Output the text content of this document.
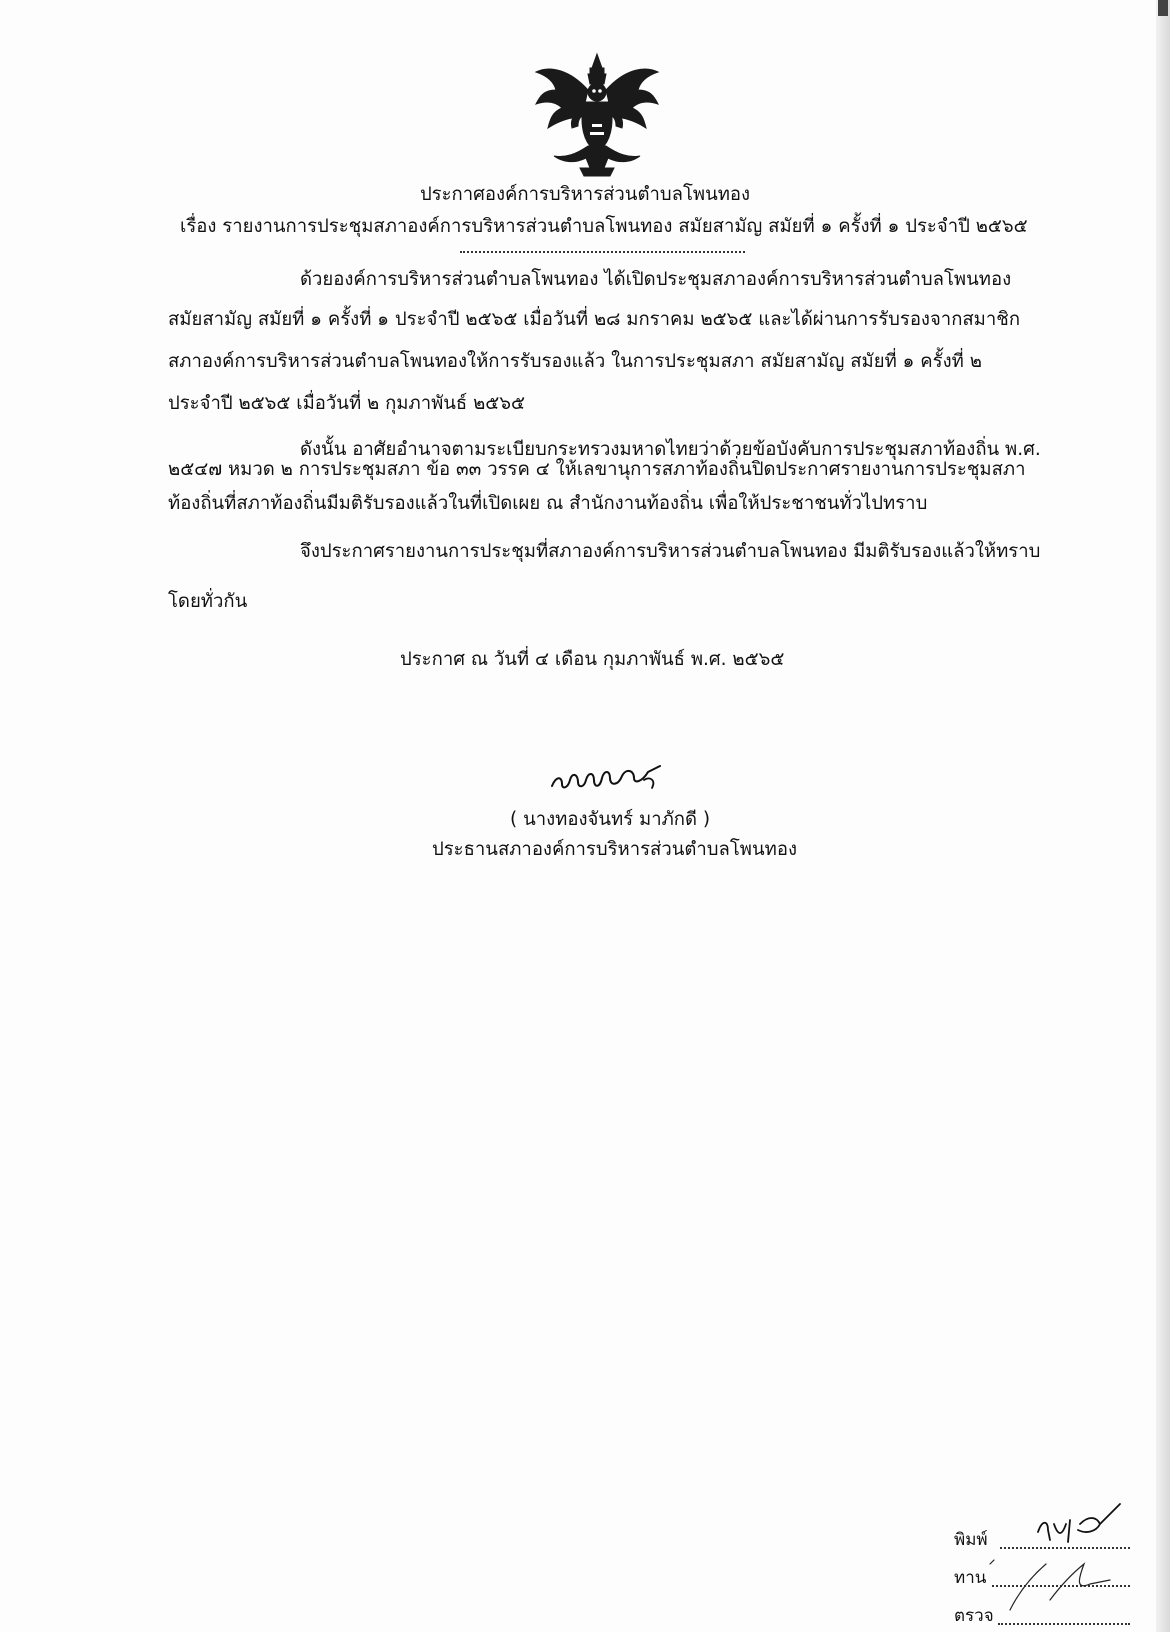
ประกาศองค์การบริหารส่วนตำบลโพนทอง
เรื่อง รายงานการประชุมสภาองค์การบริหารส่วนตำบลโพนทอง สมัยสามัญ สมัยที่ ๑ ครั้งที่ ๑ ประจำปี ๒๕๖๕
ด้วยองค์การบริหารส่วนตำบลโพนทอง ได้เปิดประชุมสภาองค์การบริหารส่วนตำบลโพนทอง
สมัยสามัญ สมัยที่ ๑ ครั้งที่ ๑ ประจำปี ๒๕๖๕ เมื่อวันที่ ๒๘ มกราคม ๒๕๖๕ และได้ผ่านการรับรองจากสมาชิก
สภาองค์การบริหารส่วนตำบลโพนทองให้การรับรองแล้ว ในการประชุมสภา สมัยสามัญ สมัยที่ ๑ ครั้งที่ ๒
ประจำปี ๒๕๖๕ เมื่อวันที่ ๒ กุมภาพันธ์ ๒๕๖๕
ดังนั้น อาศัยอำนาจตามระเบียบกระทรวงมหาดไทยว่าด้วยข้อบังคับการประชุมสภาท้องถิ่น พ.ศ.
๒๕๔๗ หมวด ๒ การประชุมสภา ข้อ ๓๓ วรรค ๔ ให้เลขานุการสภาท้องถิ่นปิดประกาศรายงานการประชุมสภา
ท้องถิ่นที่สภาท้องถิ่นมีมติรับรองแล้วในที่เปิดเผย ณ สำนักงานท้องถิ่น เพื่อให้ประชาชนทั่วไปทราบ
จึงประกาศรายงานการประชุมที่สภาองค์การบริหารส่วนตำบลโพนทอง มีมติรับรองแล้วให้ทราบ
โดยทั่วกัน
ประกาศ ณ วันที่ ๔ เดือน กุมภาพันธ์ พ.ศ. ๒๕๖๕
( นางทองจันทร์ มาภักดี )
ประธานสภาองค์การบริหารส่วนตำบลโพนทอง
พิมพ์
ทาน
ตรวจ
